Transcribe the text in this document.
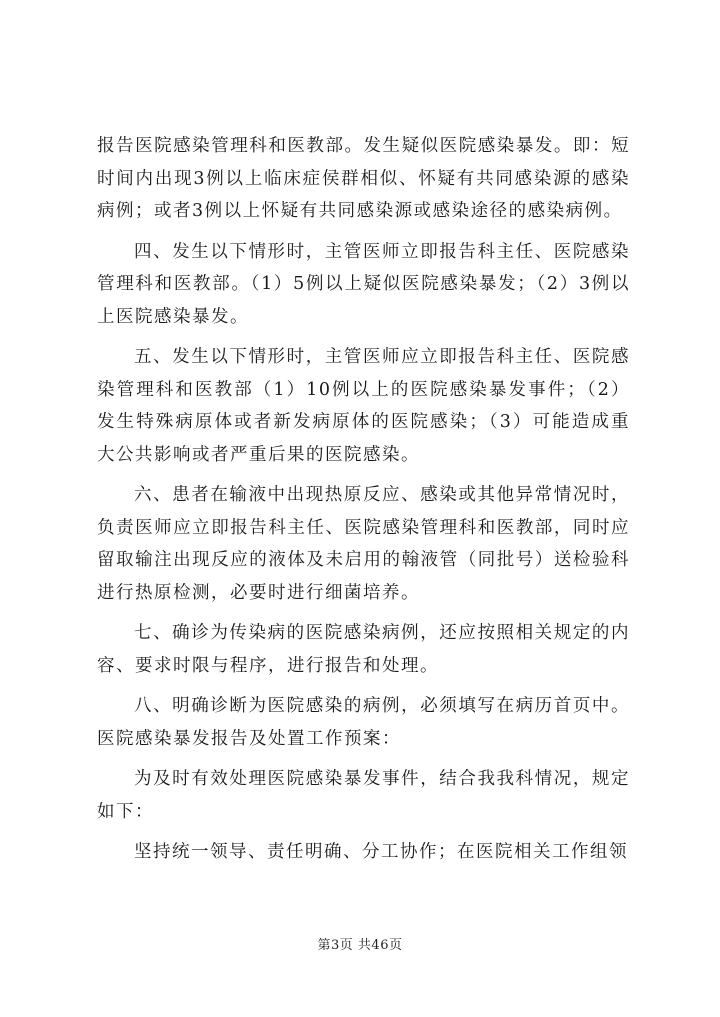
报告医院感染管理科和医教部。发生疑似医院感染暴发。即：短时间内出现3例以上临床症侯群相似、怀疑有共同感染源的感染病例；或者3例以上怀疑有共同感染源或感染途径的感染病例。

四、发生以下情形时，主管医师立即报告科主任、医院感染管理科和医教部。（1）5例以上疑似医院感染暴发；（2）3例以上医院感染暴发。

五、发生以下情形时，主管医师应立即报告科主任、医院感染管理科和医教部（1）10例以上的医院感染暴发事件；（2）发生特殊病原体或者新发病原体的医院感染；（3）可能造成重大公共影响或者严重后果的医院感染。

六、患者在输液中出现热原反应、感染或其他异常情况时，负责医师应立即报告科主任、医院感染管理科和医教部，同时应留取输注出现反应的液体及未启用的翰液管（同批号）送检验科进行热原检测，必要时进行细菌培养。

七、确诊为传染病的医院感染病例，还应按照相关规定的内容、要求时限与程序，进行报告和处理。

八、明确诊断为医院感染的病例，必须填写在病历首页中。医院感染暴发报告及处置工作预案：

为及时有效处理医院感染暴发事件，结合我我科情况，规定如下：

坚持统一领导、责任明确、分工协作；在医院相关工作组领

第3页 共46页
